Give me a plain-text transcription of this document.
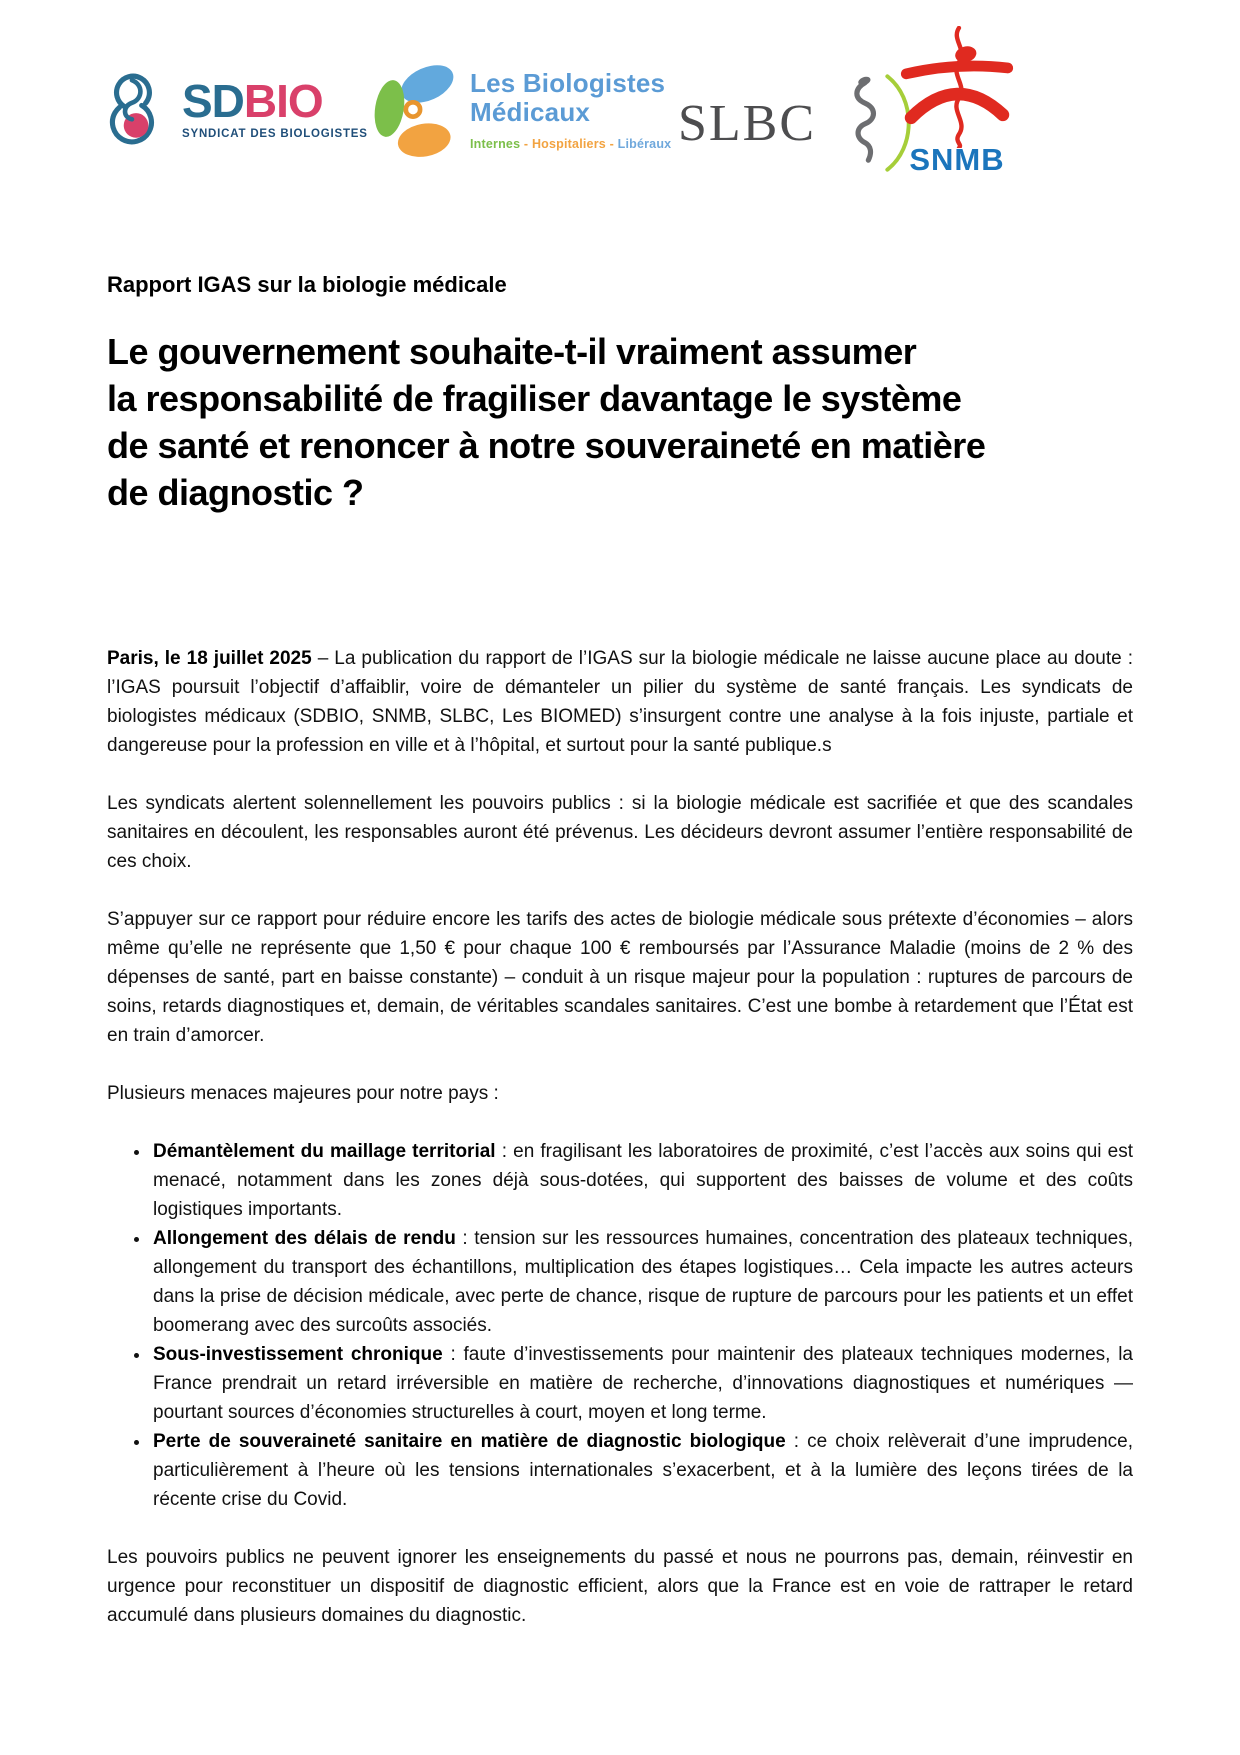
SDBIO
SYNDICAT DES BIOLOGISTES
Les Biologistes
Médicaux
Internes - Hospitaliers - Libéraux SLBC
SNMB
Rapport IGAS sur la biologie médicale
Le gouvernement souhaite-t-il vraiment assumer
la responsabilité de fragiliser davantage le système
de santé et renoncer à notre souveraineté en matière
de diagnostic ?

Paris, le 18 juillet 2025 – La publication du rapport de l’IGAS sur la biologie médicale ne laisse aucune place au doute : l’IGAS poursuit l’objectif d’affaiblir, voire de démanteler un pilier du système de santé français. Les syndicats de biologistes médicaux (SDBIO, SNMB, SLBC, Les BIOMED) s’insurgent contre une analyse à la fois injuste, partiale et dangereuse pour la profession en ville et à l’hôpital, et surtout pour la santé publique.s

Les syndicats alertent solennellement les pouvoirs publics : si la biologie médicale est sacrifiée et que des scandales sanitaires en découlent, les responsables auront été prévenus. Les décideurs devront assumer l’entière responsabilité de ces choix.

S’appuyer sur ce rapport pour réduire encore les tarifs des actes de biologie médicale sous prétexte d’économies – alors même qu’elle ne représente que 1,50 € pour chaque 100 € remboursés par l’Assurance Maladie (moins de 2 % des dépenses de santé, part en baisse constante) – conduit à un risque majeur pour la population : ruptures de parcours de soins, retards diagnostiques et, demain, de véritables scandales sanitaires. C’est une bombe à retardement que l’État est en train d’amorcer.

Plusieurs menaces majeures pour notre pays :

• Démantèlement du maillage territorial : en fragilisant les laboratoires de proximité, c’est l’accès aux soins qui est menacé, notamment dans les zones déjà sous-dotées, qui supportent des baisses de volume et des coûts logistiques importants.
• Allongement des délais de rendu : tension sur les ressources humaines, concentration des plateaux techniques, allongement du transport des échantillons, multiplication des étapes logistiques… Cela impacte les autres acteurs dans la prise de décision médicale, avec perte de chance, risque de rupture de parcours pour les patients et un effet boomerang avec des surcoûts associés.
• Sous-investissement chronique : faute d’investissements pour maintenir des plateaux techniques modernes, la France prendrait un retard irréversible en matière de recherche, d’innovations diagnostiques et numériques — pourtant sources d’économies structurelles à court, moyen et long terme.
• Perte de souveraineté sanitaire en matière de diagnostic biologique : ce choix relèverait d’une imprudence, particulièrement à l’heure où les tensions internationales s’exacerbent, et à la lumière des leçons tirées de la récente crise du Covid.

Les pouvoirs publics ne peuvent ignorer les enseignements du passé et nous ne pourrons pas, demain, réinvestir en urgence pour reconstituer un dispositif de diagnostic efficient, alors que la France est en voie de rattraper le retard accumulé dans plusieurs domaines du diagnostic.
